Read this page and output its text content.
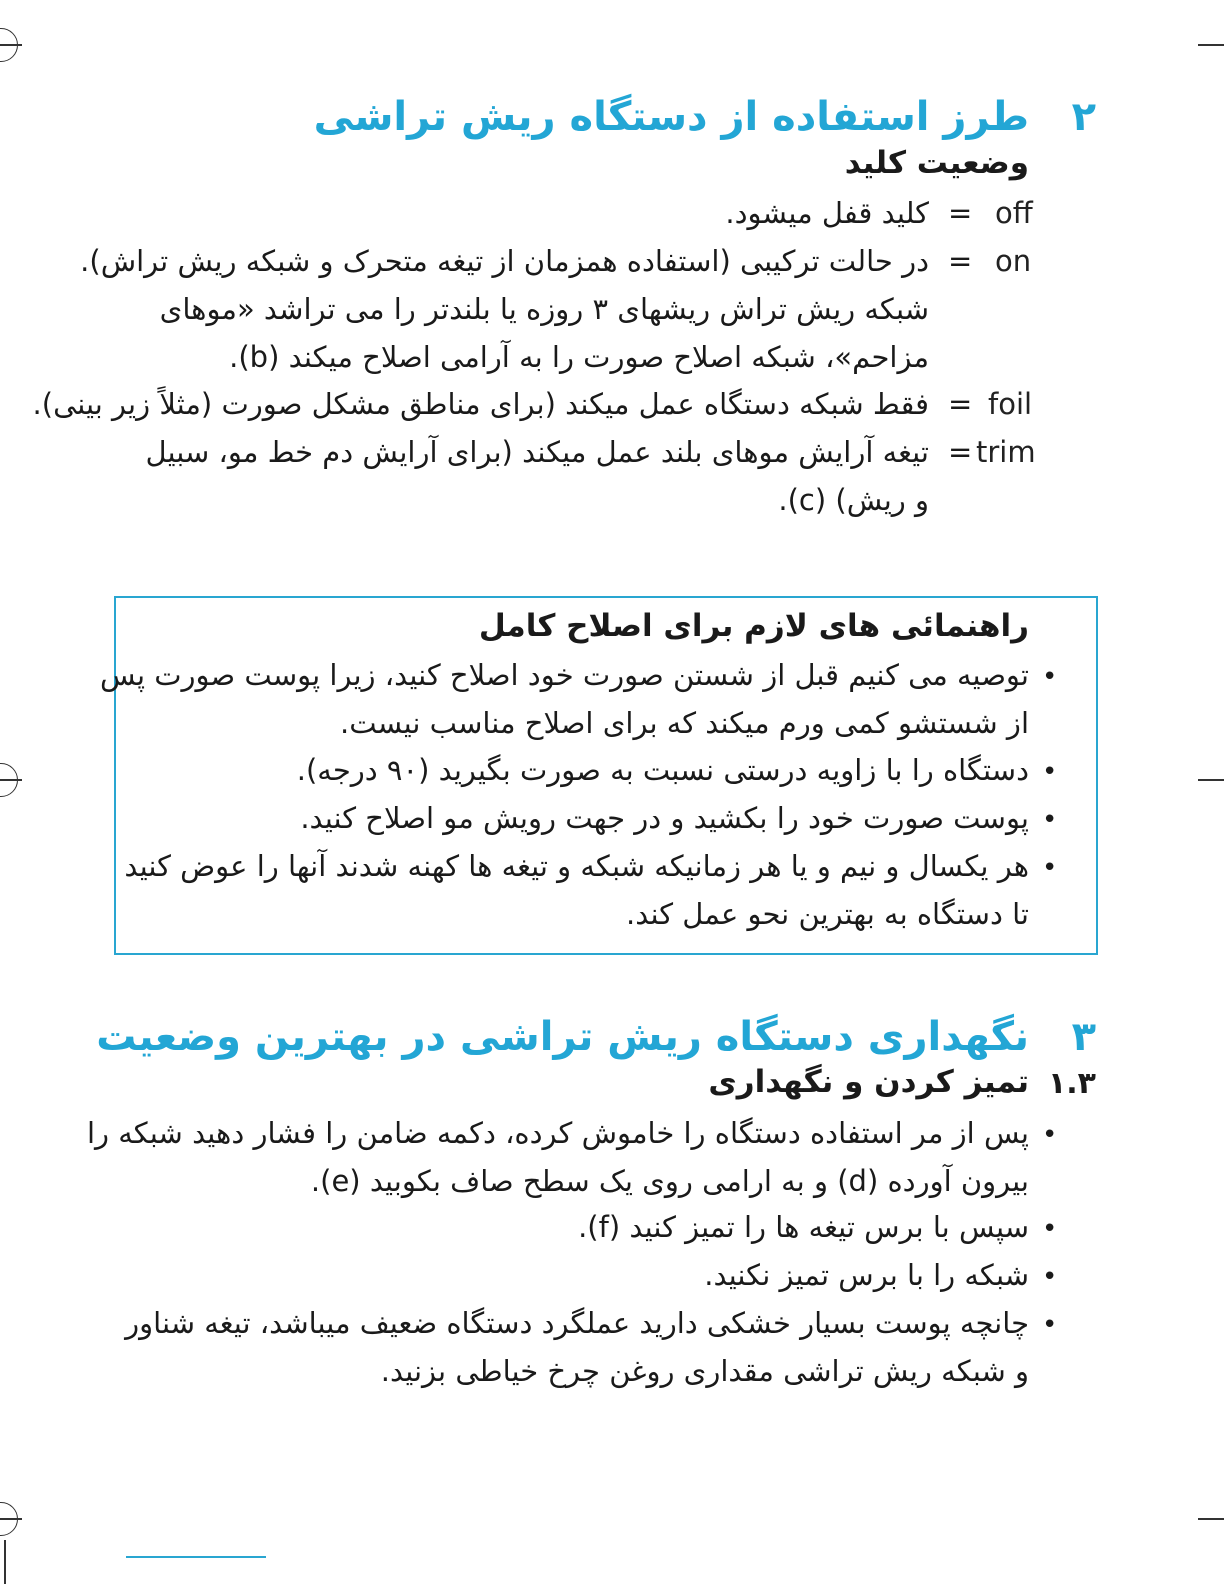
۲
طرز استفاده از دستگاه ریش تراشی
وضعیت کلید
off
=
کلید قفل میشود.
on
=
در حالت ترکیبی (استفاده همزمان از تیغه متحرک و شبکه ریش تراش).
شبکه ریش تراش ریشهای ۳ روزه یا بلندتر را می تراشد «موهای
مزاحم»، شبکه اصلاح صورت را به آرامی اصلاح میکند (b).
foil
=
فقط شبکه دستگاه عمل میکند (برای مناطق مشکل صورت (مثلاً زیر بینی).
trim
=
تیغه آرایش موهای بلند عمل میکند (برای آرایش دم خط مو، سبیل
و ریش) (c).
راهنمائی های لازم برای اصلاح کامل
•
توصیه می کنیم قبل از شستن صورت خود اصلاح کنید، زیرا پوست صورت پس
از شستشو کمی ورم میکند که برای اصلاح مناسب نیست.
•
دستگاه را با زاویه درستی نسبت به صورت بگیرید (۹۰ درجه).
•
پوست صورت خود را بکشید و در جهت رویش مو اصلاح کنید.
•
هر یکسال و نیم و یا هر زمانیکه شبکه و تیغه ها کهنه شدند آنها را عوض کنید
تا دستگاه به بهترین نحو عمل کند.
۳
نگهداری دستگاه ریش تراشی در بهترین وضعیت
۱.۳
تمیز کردن و نگهداری
•
پس از مر استفاده دستگاه را خاموش کرده، دکمه ضامن را فشار دهید شبکه را
بیرون آورده (d) و به ارامی روی یک سطح صاف بکوبید (e).
•
سپس با برس تیغه ها را تمیز کنید (f).
•
شبکه را با برس تمیز نکنید.
•
چانچه پوست بسیار خشکی دارید عملگرد دستگاه ضعیف میباشد، تیغه شناور
و شبکه ریش تراشی مقداری روغن چرخ خیاطی بزنید.
